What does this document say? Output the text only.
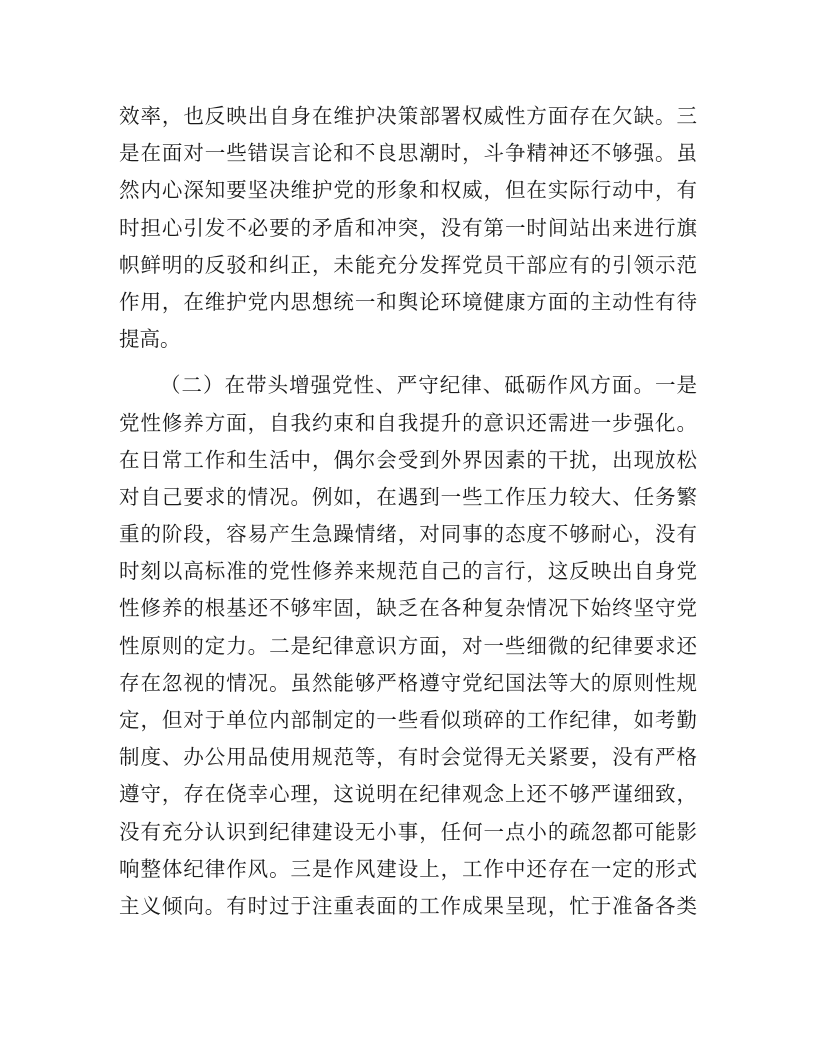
效率，也反映出自身在维护决策部署权威性方面存在欠缺。三
是在面对一些错误言论和不良思潮时，斗争精神还不够强。虽
然内心深知要坚决维护党的形象和权威，但在实际行动中，有
时担心引发不必要的矛盾和冲突，没有第一时间站出来进行旗
帜鲜明的反驳和纠正，未能充分发挥党员干部应有的引领示范
作用，在维护党内思想统一和舆论环境健康方面的主动性有待
提高。
（二）在带头增强党性、严守纪律、砥砺作风方面。一是
党性修养方面，自我约束和自我提升的意识还需进一步强化。
在日常工作和生活中，偶尔会受到外界因素的干扰，出现放松
对自己要求的情况。例如，在遇到一些工作压力较大、任务繁
重的阶段，容易产生急躁情绪，对同事的态度不够耐心，没有
时刻以高标准的党性修养来规范自己的言行，这反映出自身党
性修养的根基还不够牢固，缺乏在各种复杂情况下始终坚守党
性原则的定力。二是纪律意识方面，对一些细微的纪律要求还
存在忽视的情况。虽然能够严格遵守党纪国法等大的原则性规
定，但对于单位内部制定的一些看似琐碎的工作纪律，如考勤
制度、办公用品使用规范等，有时会觉得无关紧要，没有严格
遵守，存在侥幸心理，这说明在纪律观念上还不够严谨细致，
没有充分认识到纪律建设无小事，任何一点小的疏忽都可能影
响整体纪律作风。三是作风建设上，工作中还存在一定的形式
主义倾向。有时过于注重表面的工作成果呈现，忙于准备各类
